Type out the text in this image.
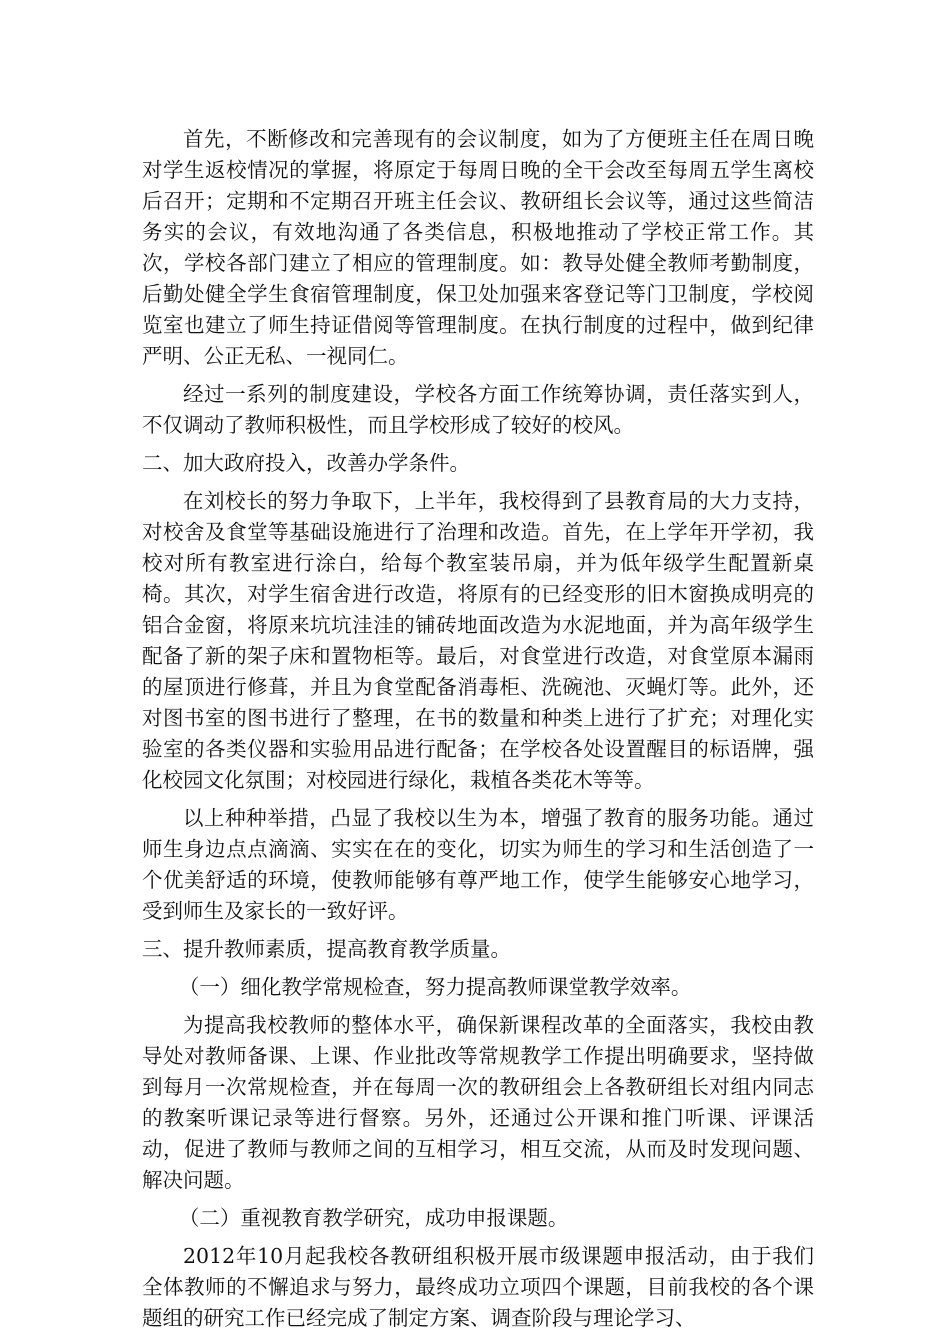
首先，不断修改和完善现有的会议制度，如为了方便班主任在周日晚对学生返校情况的掌握，将原定于每周日晚的全干会改至每周五学生离校后召开；定期和不定期召开班主任会议、教研组长会议等，通过这些简洁务实的会议，有效地沟通了各类信息，积极地推动了学校正常工作。其次，学校各部门建立了相应的管理制度。如：教导处健全教师考勤制度，后勤处健全学生食宿管理制度，保卫处加强来客登记等门卫制度，学校阅览室也建立了师生持证借阅等管理制度。在执行制度的过程中，做到纪律严明、公正无私、一视同仁。

经过一系列的制度建设，学校各方面工作统筹协调，责任落实到人，不仅调动了教师积极性，而且学校形成了较好的校风。

二、加大政府投入，改善办学条件。

在刘校长的努力争取下，上半年，我校得到了县教育局的大力支持，对校舍及食堂等基础设施进行了治理和改造。首先，在上学年开学初，我校对所有教室进行涂白，给每个教室装吊扇，并为低年级学生配置新桌椅。其次，对学生宿舍进行改造，将原有的已经变形的旧木窗换成明亮的铝合金窗，将原来坑坑洼洼的铺砖地面改造为水泥地面，并为高年级学生配备了新的架子床和置物柜等。最后，对食堂进行改造，对食堂原本漏雨的屋顶进行修葺，并且为食堂配备消毒柜、洗碗池、灭蝇灯等。此外，还对图书室的图书进行了整理，在书的数量和种类上进行了扩充；对理化实验室的各类仪器和实验用品进行配备；在学校各处设置醒目的标语牌，强化校园文化氛围；对校园进行绿化，栽植各类花木等等。

以上种种举措，凸显了我校以生为本，增强了教育的服务功能。通过师生身边点点滴滴、实实在在的变化，切实为师生的学习和生活创造了一个优美舒适的环境，使教师能够有尊严地工作，使学生能够安心地学习，受到师生及家长的一致好评。

三、提升教师素质，提高教育教学质量。

（一）细化教学常规检查，努力提高教师课堂教学效率。

为提高我校教师的整体水平，确保新课程改革的全面落实，我校由教导处对教师备课、上课、作业批改等常规教学工作提出明确要求，坚持做到每月一次常规检查，并在每周一次的教研组会上各教研组长对组内同志的教案听课记录等进行督察。另外，还通过公开课和推门听课、评课活动，促进了教师与教师之间的互相学习，相互交流，从而及时发现问题、解决问题。

（二）重视教育教学研究，成功申报课题。

2012年10月起我校各教研组积极开展市级课题申报活动，由于我们全体教师的不懈追求与努力，最终成功立项四个课题，目前我校的各个课题组的研究工作已经完成了制定方案、调查阶段与理论学习、
